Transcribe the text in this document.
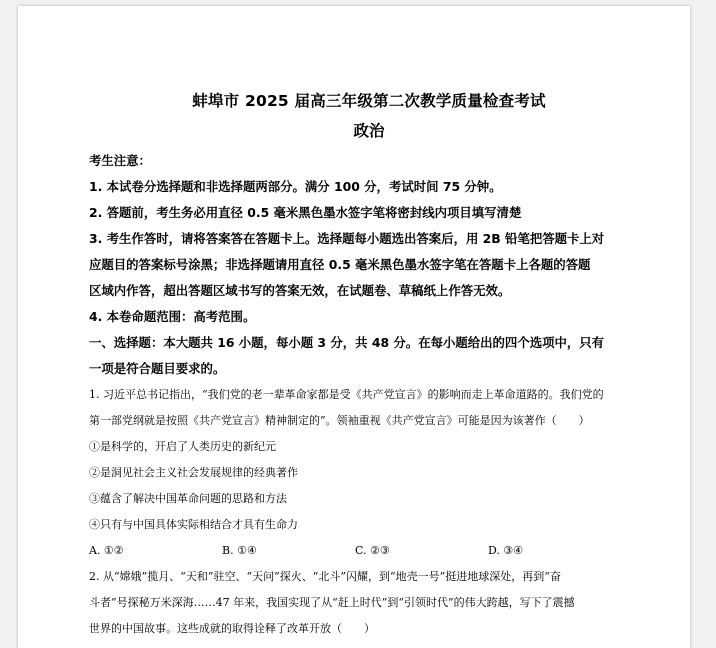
蚌埠市 2025 届高三年级第二次教学质量检查考试
政治

考生注意：

1. 本试卷分选择题和非选择题两部分。满分 100 分，考试时间 75 分钟。

2. 答题前，考生务必用直径 0.5 毫米黑色墨水签字笔将密封线内项目填写清楚

3. 考生作答时，请将答案答在答题卡上。选择题每小题选出答案后，用 2B 铅笔把答题卡上对

应题目的答案标号涂黑；非选择题请用直径 0.5 毫米黑色墨水签字笔在答题卡上各题的答题

区域内作答，超出答题区域书写的答案无效，在试题卷、草稿纸上作答无效。

4. 本卷命题范围：高考范围。

一、选择题：本大题共 16 小题，每小题 3 分，共 48 分。在每小题给出的四个选项中，只有

一项是符合题目要求的。

1. 习近平总书记指出，“我们党的老一辈革命家都是受《共产党宣言》的影响而走上革命道路的。我们党的

第一部党纲就是按照《共产党宣言》精神制定的”。领袖重视《共产党宣言》可能是因为该著作（　　）

①是科学的，开启了人类历史的新纪元

②是洞见社会主义社会发展规律的经典著作

③蕴含了解决中国革命问题的思路和方法

④只有与中国具体实际相结合才具有生命力

A. ①②	B. ①④	C. ②③	D. ③④

2. 从“嫦娥”揽月、“天和”驻空、“天问”探火、“北斗”闪耀，到“地壳一号”挺进地球深处，再到“奋

斗者”号探秘万米深海……47 年来，我国实现了从“赶上时代”到“引领时代”的伟大跨越，写下了震撼

世界的中国故事。这些成就的取得诠释了改革开放（　　）
